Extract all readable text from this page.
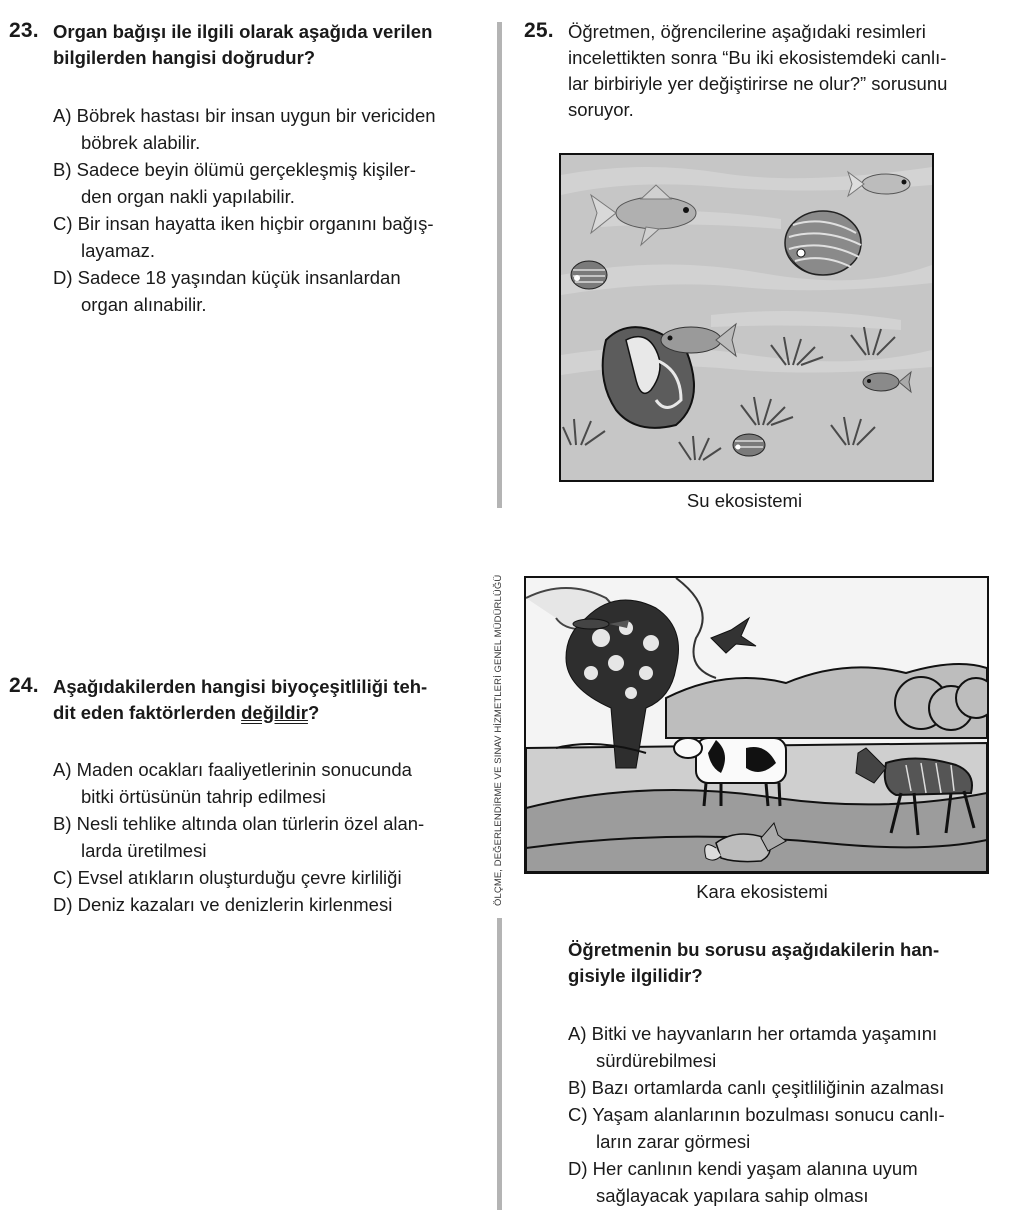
ÖLÇME, DEĞERLENDİRME VE SINAV HİZMETLERİ GENEL MÜDÜRLÜĞÜ
23. Organ bağışı ile ilgili olarak aşağıda verilen
bilgilerden hangisi doğrudur?
A) Böbrek hastası bir insan uygun bir vericiden
böbrek alabilir.
B) Sadece beyin ölümü gerçekleşmiş kişiler-
den organ nakli yapılabilir.
C) Bir insan hayatta iken hiçbir organını bağış-
layamaz.
D) Sadece 18 yaşından küçük insanlardan
organ alınabilir.
24. Aşağıdakilerden hangisi biyoçeşitliliği teh-
dit eden faktörlerden değildir?
A) Maden ocakları faaliyetlerinin sonucunda
bitki örtüsünün tahrip edilmesi
B) Nesli tehlike altında olan türlerin özel alan-
larda üretilmesi
C) Evsel atıkların oluşturduğu çevre kirliliği
D) Deniz kazaları ve denizlerin kirlenmesi
25. Öğretmen, öğrencilerine aşağıdaki resimleri
incelettikten sonra “Bu iki ekosistemdeki canlı-
lar birbiriyle yer değiştirirse ne olur?” sorusunu
soruyor.
Su ekosistemi
Kara ekosistemi
Öğretmenin bu sorusu aşağıdakilerin han-
gisiyle ilgilidir?
A) Bitki ve hayvanların her ortamda yaşamını
sürdürebilmesi
B) Bazı ortamlarda canlı çeşitliliğinin azalması
C) Yaşam alanlarının bozulması sonucu canlı-
ların zarar görmesi
D) Her canlının kendi yaşam alanına uyum
sağlayacak yapılara sahip olması
